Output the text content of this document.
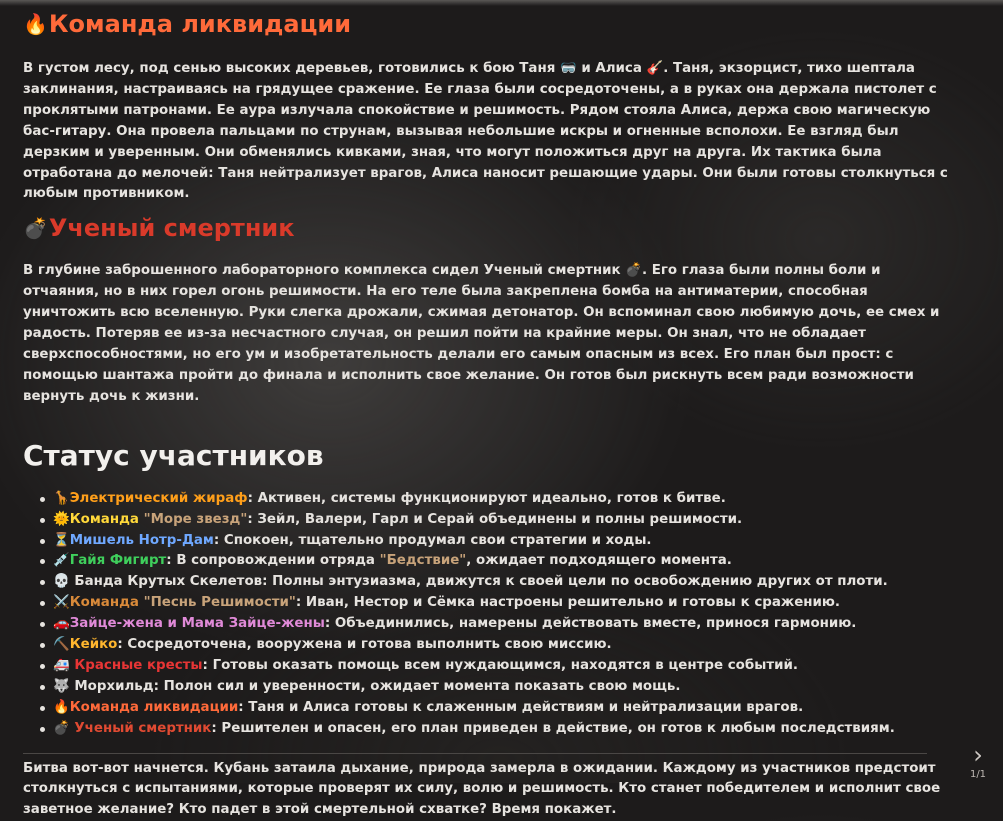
🔥 Команда ликвидации

В густом лесу, под сенью высоких деревьев, готовились к бою Таня 🥽 и Алиса 🎸. Таня, экзорцист, тихо шептала заклинания, настраиваясь на грядущее сражение. Ее глаза были сосредоточены, а в руках она держала пистолет с проклятыми патронами. Ее аура излучала спокойствие и решимость. Рядом стояла Алиса, держа свою магическую бас-гитару. Она провела пальцами по струнам, вызывая небольшие искры и огненные всполохи. Ее взгляд был дерзким и уверенным. Они обменялись кивками, зная, что могут положиться друг на друга. Их тактика была отработана до мелочей: Таня нейтрализует врагов, Алиса наносит решающие удары. Они были готовы столкнуться с любым противником.

💣 Ученый смертник

В глубине заброшенного лабораторного комплекса сидел Ученый смертник 💣. Его глаза были полны боли и отчаяния, но в них горел огонь решимости. На его теле была закреплена бомба на антиматерии, способная уничтожить всю вселенную. Руки слегка дрожали, сжимая детонатор. Он вспоминал свою любимую дочь, ее смех и радость. Потеряв ее из-за несчастного случая, он решил пойти на крайние меры. Он знал, что не обладает сверхспособностями, но его ум и изобретательность делали его самым опасным из всех. Его план был прост: с помощью шантажа пройти до финала и исполнить свое желание. Он готов был рискнуть всем ради возможности вернуть дочь к жизни.

Статус участников
🦒Электрический жираф: Активен, системы функционируют идеально, готов к битве.
🌞Команда "Море звезд": Зейл, Валери, Гарл и Серай объединены и полны решимости.
⏳Мишель Нотр-Дам: Спокоен, тщательно продумал свои стратегии и ходы.
💉Гайя Фигирт: В сопровождении отряда "Бедствие", ожидает подходящего момента.
💀 Банда Крутых Скелетов: Полны энтузиазма, движутся к своей цели по освобождению других от плоти.
⚔️Команда "Песнь Решимости": Иван, Нестор и Сёмка настроены решительно и готовы к сражению.
🚗Зайце-жена и Мама Зайце-жены: Объединились, намерены действовать вместе, принося гармонию.
⛏️Кейко: Сосредоточена, вооружена и готова выполнить свою миссию.
🚑 Красные кресты: Готовы оказать помощь всем нуждающимся, находятся в центре событий.
🐺 Морхильд: Полон сил и уверенности, ожидает момента показать свою мощь.
🔥Команда ликвидации: Таня и Алиса готовы к слаженным действиям и нейтрализации врагов.
💣 Ученый смертник: Решителен и опасен, его план приведен в действие, он готов к любым последствиям.

Битва вот-вот начнется. Кубань затаила дыхание, природа замерла в ожидании. Каждому из участников предстоит столкнуться с испытаниями, которые проверят их силу, волю и решимость. Кто станет победителем и исполнит свое заветное желание? Кто падет в этой смертельной схватке? Время покажет.

›
1/1
